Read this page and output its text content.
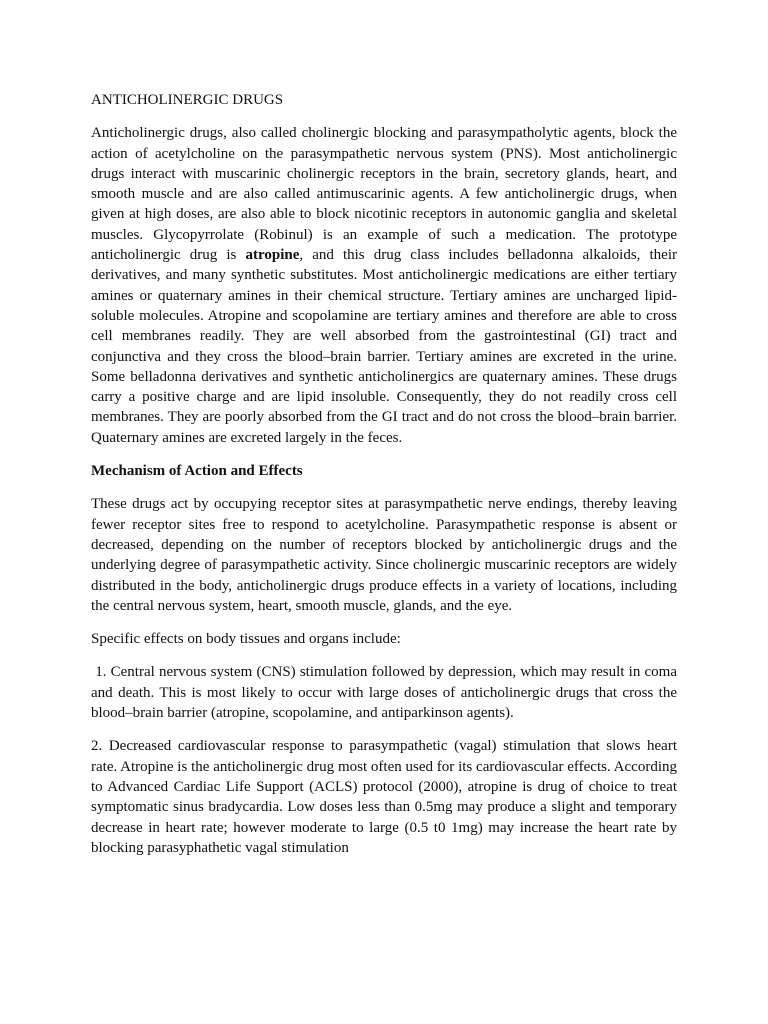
ANTICHOLINERGIC DRUGS

Anticholinergic drugs, also called cholinergic blocking and parasympatholytic agents, block the action of acetylcholine on the parasympathetic nervous system (PNS). Most anticholinergic drugs interact with muscarinic cholinergic receptors in the brain, secretory glands, heart, and smooth muscle and are also called antimuscarinic agents. A few anticholinergic drugs, when given at high doses, are also able to block nicotinic receptors in autonomic ganglia and skeletal muscles. Glycopyrrolate (Robinul) is an example of such a medication. The prototype anticholinergic drug is atropine, and this drug class includes belladonna alkaloids, their derivatives, and many synthetic substitutes. Most anticholinergic medications are either tertiary amines or quaternary amines in their chemical structure. Tertiary amines are uncharged lipid-soluble molecules. Atropine and scopolamine are tertiary amines and therefore are able to cross cell membranes readily. They are well absorbed from the gastrointestinal (GI) tract and conjunctiva and they cross the blood–brain barrier. Tertiary amines are excreted in the urine. Some belladonna derivatives and synthetic anticholinergics are quaternary amines. These drugs carry a positive charge and are lipid insoluble. Consequently, they do not readily cross cell membranes. They are poorly absorbed from the GI tract and do not cross the blood–brain barrier. Quaternary amines are excreted largely in the feces.

Mechanism of Action and Effects

These drugs act by occupying receptor sites at parasympathetic nerve endings, thereby leaving fewer receptor sites free to respond to acetylcholine. Parasympathetic response is absent or decreased, depending on the number of receptors blocked by anticholinergic drugs and the underlying degree of parasympathetic activity. Since cholinergic muscarinic receptors are widely distributed in the body, anticholinergic drugs produce effects in a variety of locations, including the central nervous system, heart, smooth muscle, glands, and the eye.

Specific effects on body tissues and organs include:

1. Central nervous system (CNS) stimulation followed by depression, which may result in coma and death. This is most likely to occur with large doses of anticholinergic drugs that cross the blood–brain barrier (atropine, scopolamine, and antiparkinson agents).

2. Decreased cardiovascular response to parasympathetic (vagal) stimulation that slows heart rate. Atropine is the anticholinergic drug most often used for its cardiovascular effects. According to Advanced Cardiac Life Support (ACLS) protocol (2000), atropine is drug of choice to treat symptomatic sinus bradycardia. Low doses less than 0.5mg may produce a slight and temporary decrease in heart rate; however moderate to large (0.5 t0 1mg) may increase the heart rate by blocking parasyphathetic vagal stimulation
